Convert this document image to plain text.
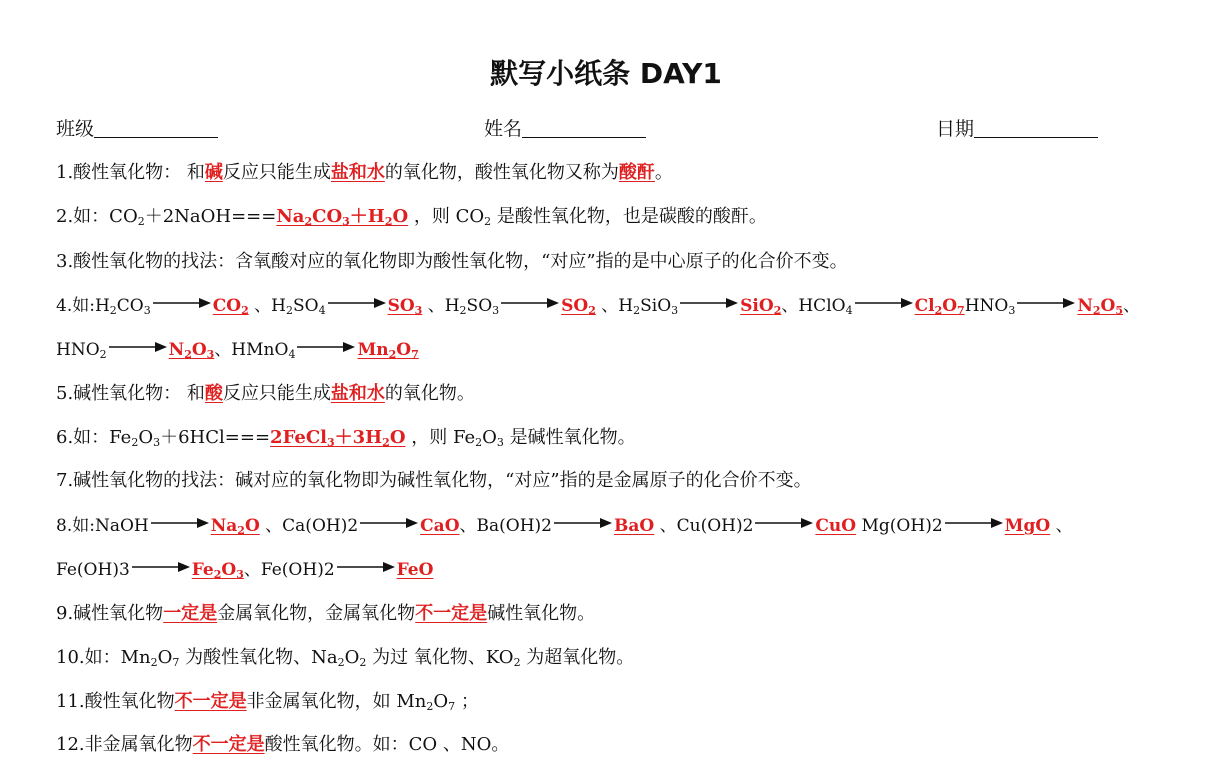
默写小纸条 DAY1
班级	姓名	日期
1.酸性氧化物： 和碱反应只能生成盐和水的氧化物，酸性氧化物又称为酸酐。
2.如：$CO_2+2NaOH===Na_2CO_3+H_2O$ ，则 $CO_2$ 是酸性氧化物，也是碳酸的酸酐。
3.酸性氧化物的找法：含氧酸对应的氧化物即为酸性氧化物，“对应”指的是中心原子的化合价不变。
4.如$:H_2CO_3$	$CO_2$ 、$H_2SO_4$	$SO_3$ 、$H_2SO_3$	$SO_2$ 、$H_2SiO_3$	SiO$_2$、HClO$_4$	$Cl_2O_7HNO_3$	$N_2O_5$、
$HNO_2$	$N_2O_3$、HMnO$_4$	$Mn_2O_7$
5.碱性氧化物： 和酸反应只能生成盐和水的氧化物。
6.如：$Fe_2O_3+6HCl===2FeCl_3+3H_2O$ ，则 $Fe_2O_3$ 是碱性氧化物。
7.碱性氧化物的找法：碱对应的氧化物即为碱性氧化物，“对应”指的是金属原子的化合价不变。
8.如:NaOH	$Na_2O$ 、Ca(OH)2	CaO、Ba(OH)2	BaO 、Cu(OH)2	CuO Mg(OH)2	MgO 、
Fe(OH)3	$Fe_2O_3$、Fe(OH)2	FeO
9.碱性氧化物一定是金属氧化物，金属氧化物不一定是碱性氧化物。
10.如：$Mn_2O_7$ 为酸性氧化物、$Na_2O_2$ 为过 氧化物、$KO_2$ 为超氧化物。
11.酸性氧化物不一定是非金属氧化物，如 $Mn_2O_7$ ；
12.非金属氧化物不一定是酸性氧化物。如：CO 、NO。
